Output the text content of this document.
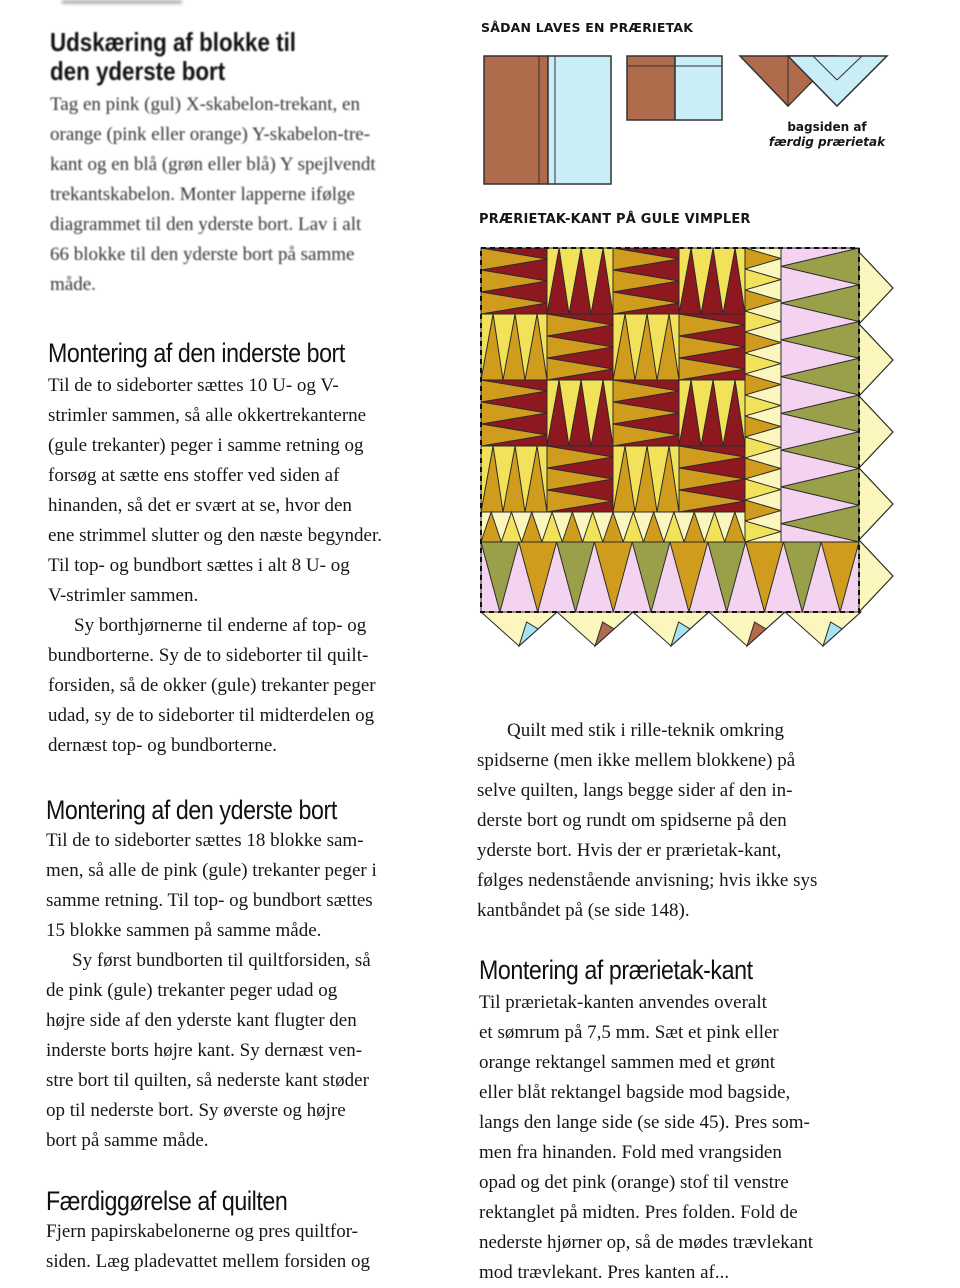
Udskæring af blokke til
den yderste bort
Tag en pink (gul) X-skabelon-trekant, en
orange (pink eller orange) Y-skabelon-tre-
kant og en blå (grøn eller blå) Y spejlvendt
trekantskabelon. Monter lapperne ifølge
diagrammet til den yderste bort. Lav i alt
66 blokke til den yderste bort på samme
måde.
Montering af den inderste bort
Til de to sideborter sættes 10 U- og V-
strimler sammen, så alle okkertrekanterne
(gule trekanter) peger i samme retning og
forsøg at sætte ens stoffer ved siden af
hinanden, så det er svært at se, hvor den
ene strimmel slutter og den næste begynder.
Til top- og bundbort sættes i alt 8 U- og
V-strimler sammen.
Sy borthjørnerne til enderne af top- og
bundborterne. Sy de to sideborter til quilt-
forsiden, så de okker (gule) trekanter peger
udad, sy de to sideborter til midterdelen og
dernæst top- og bundborterne.
Montering af den yderste bort
Til de to sideborter sættes 18 blokke sam-
men, så alle de pink (gule) trekanter peger i
samme retning. Til top- og bundbort sættes
15 blokke sammen på samme måde.
Sy først bundborten til quiltforsiden, så
de pink (gule) trekanter peger udad og
højre side af den yderste kant flugter den
inderste borts højre kant. Sy dernæst ven-
stre bort til quilten, så nederste kant støder
op til nederste bort. Sy øverste og højre
bort på samme måde.
Færdiggørelse af quilten
Fjern papirskabelonerne og pres quiltfor-
siden. Læg pladevattet mellem forsiden og
SÅDAN LAVES EN PRÆRIETAK
bagsiden af
færdig prærietak
PRÆRIETAK-KANT PÅ GULE VIMPLER
Quilt med stik i rille-teknik omkring
spidserne (men ikke mellem blokkene) på
selve quilten, langs begge sider af den in-
derste bort og rundt om spidserne på den
yderste bort. Hvis der er prærietak-kant,
følges nedenstående anvisning; hvis ikke sys
kantbåndet på (se side 148).
Montering af prærietak-kant
Til prærietak-kanten anvendes overalt
et sømrum på 7,5 mm. Sæt et pink eller
orange rektangel sammen med et grønt
eller blåt rektangel bagside mod bagside,
langs den lange side (se side 45). Pres som-
men fra hinanden. Fold med vrangsiden
opad og det pink (orange) stof til venstre
rektanglet på midten. Pres folden. Fold de
nederste hjørner op, så de mødes trævlekant
mod trævlekant. Pres kanten af...
